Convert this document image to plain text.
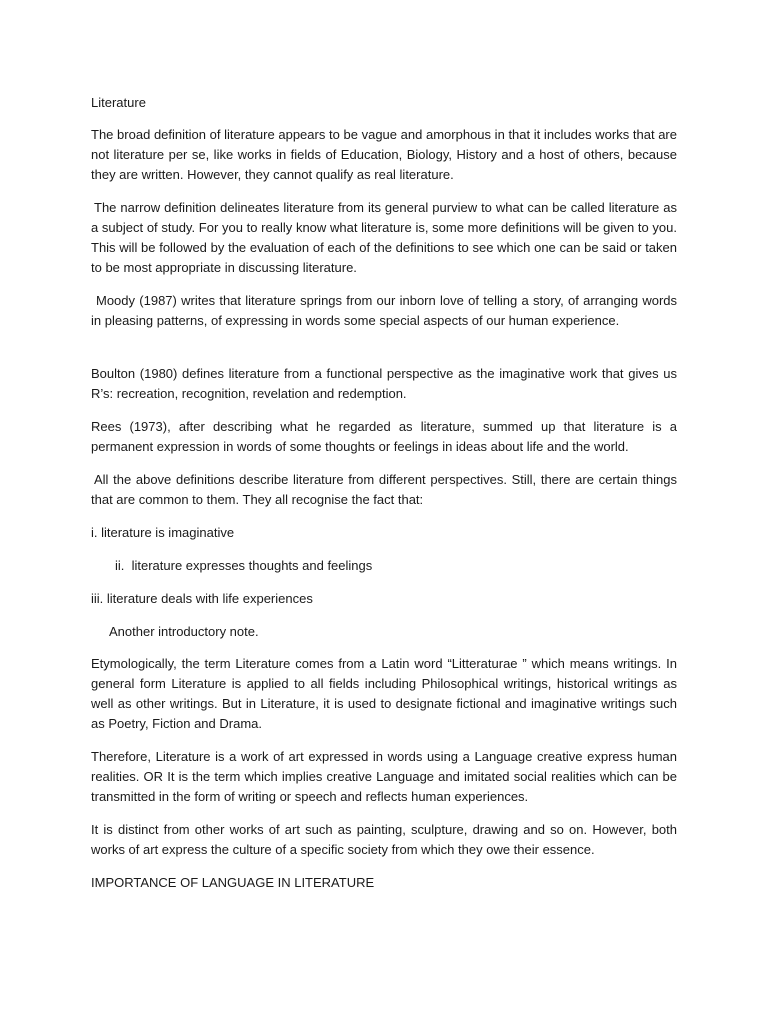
Literature

The broad definition of literature appears to be vague and amorphous in that it includes works that are not literature per se, like works in fields of Education, Biology, History and a host of others, because they are written. However, they cannot qualify as real literature.

The narrow definition delineates literature from its general purview to what can be called literature as a subject of study. For you to really know what literature is, some more definitions will be given to you. This will be followed by the evaluation of each of the definitions to see which one can be said or taken to be most appropriate in discussing literature.

Moody (1987) writes that literature springs from our inborn love of telling a story, of arranging words in pleasing patterns, of expressing in words some special aspects of our human experience.

Boulton (1980) defines literature from a functional perspective as the imaginative work that gives us R’s: recreation, recognition, revelation and redemption.

Rees (1973), after describing what he regarded as literature, summed up that literature is a permanent expression in words of some thoughts or feelings in ideas about life and the world.

All the above definitions describe literature from different perspectives. Still, there are certain things that are common to them. They all recognise the fact that:

i. literature is imaginative

ii.  literature expresses thoughts and feelings

iii. literature deals with life experiences

Another introductory note.

Etymologically, the term Literature comes from a Latin word “Litteraturae ” which means writings. In general form Literature is applied to all fields including Philosophical writings, historical writings as well as other writings. But in Literature, it is used to designate fictional and imaginative writings such as Poetry, Fiction and Drama.

Therefore, Literature is a work of art expressed in words using a Language creative express human realities. OR It is the term which implies creative Language and imitated social realities which can be transmitted in the form of writing or speech and reflects human experiences.

It is distinct from other works of art such as painting, sculpture, drawing and so on. However, both works of art express the culture of a specific society from which they owe their essence.

IMPORTANCE OF LANGUAGE IN LITERATURE
